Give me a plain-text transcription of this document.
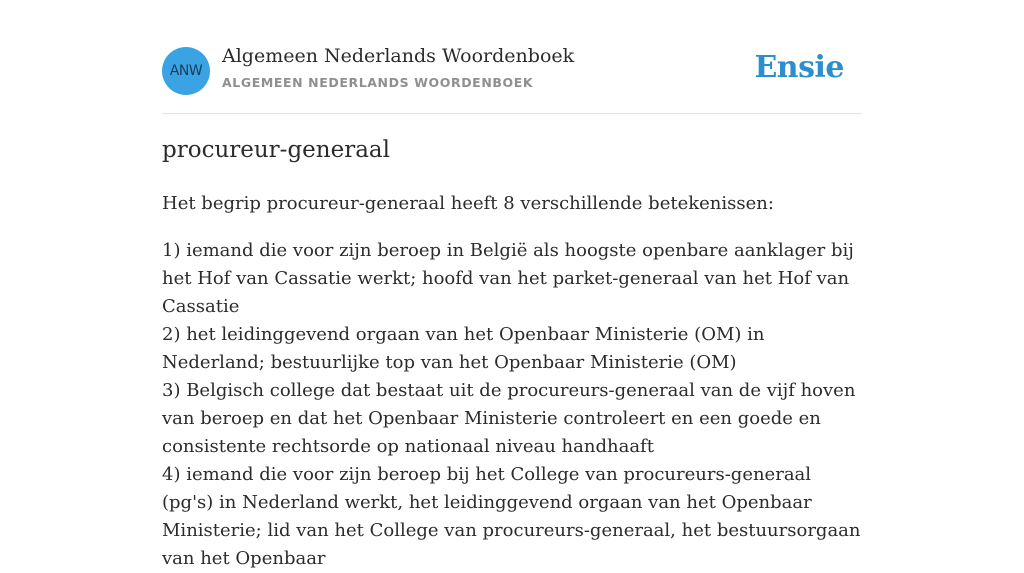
ANW
Algemeen Nederlands Woordenboek
ALGEMEEN NEDERLANDS WOORDENBOEK	Ensie
procureur-generaal
Het begrip procureur-generaal heeft 8 verschillende betekenissen:
1) iemand die voor zijn beroep in België als hoogste openbare aanklager bij het Hof van Cassatie werkt; hoofd van het parket-generaal van het Hof van Cassatie
2) het leidinggevend orgaan van het Openbaar Ministerie (OM) in Nederland; bestuurlijke top van het Openbaar Ministerie (OM)
3) Belgisch college dat bestaat uit de procureurs-generaal van de vijf hoven van beroep en dat het Openbaar Ministerie controleert en een goede en consistente rechtsorde op nationaal niveau handhaaft
4) iemand die voor zijn beroep bij het College van procureurs-generaal (pg's) in Nederland werkt, het leidinggevend orgaan van het Openbaar Ministerie; lid van het College van procureurs-generaal, het bestuursorgaan van het Openbaar
